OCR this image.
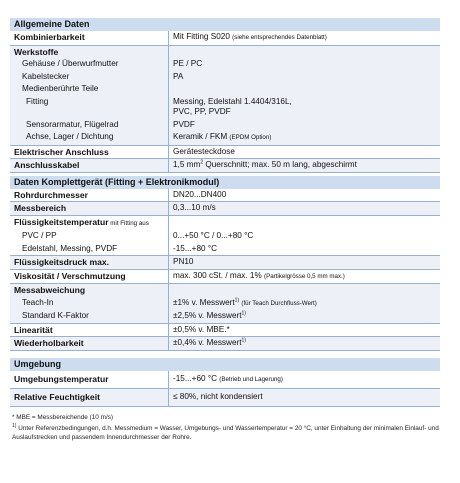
Allgemeine Daten
Kombinierbarkeit	Mit Fitting S020 (siehe entsprechendes Datenblatt)
Werkstoffe
Gehäuse / Überwurfmutter	PE / PC
Kabelstecker	PA
Medienberührte Teile
Fitting	Messing, Edelstahl 1.4404/316L,
PVC, PP, PVDF
Sensorarmatur, Flügelrad	PVDF
Achse, Lager / Dichtung	Keramik / FKM (EPDM Option)
Elektrischer Anschluss	Gerätesteckdose
Anschlusskabel	1,5 $mm^2$ Querschnitt; max. 50 m lang, abgeschirmt
Daten Komplettgerät (Fitting + Elektronikmodul)
Rohrdurchmesser	DN20...DN400
Messbereich	0,3...10 m/s
Flüssigkeitstemperatur mit Fitting aus
PVC / PP	0...+50 °C / 0...+80 °C
Edelstahl, Messing, PVDF	-15...+80 °C
Flüssigkeitsdruck max.	PN10
Viskosität / Verschmutzung	max. 300 cSt. / max. 1% (Partikelgrösse 0,5 mm max.)
Messabweichung
Teach-In	±1% v. Messwert$^{1)}$ (für Teach Durchfluss-Wert)
Standard K-Faktor	±2,5% v. Messwert$^{1)}$
Linearität	±0,5% v. MBE.*
Wiederholbarkeit	±0,4% v. Messwert$^{1)}$
Umgebung
Umgebungstemperatur	-15...+60 °C (Betrieb und Lagerung)
Relative Feuchtigkeit	≤ 80%, nicht kondensiert
* MBE = Messbereichende (10 m/s)
$^{1)}$ Unter Referenzbedingungen, d.h. Messmedium = Wasser, Umgebungs- und Wassertemperatur = 20 °C, unter Einhaltung der minimalen Einlauf- und Auslaufstrecken und passendem Innendurchmesser der Rohre.
